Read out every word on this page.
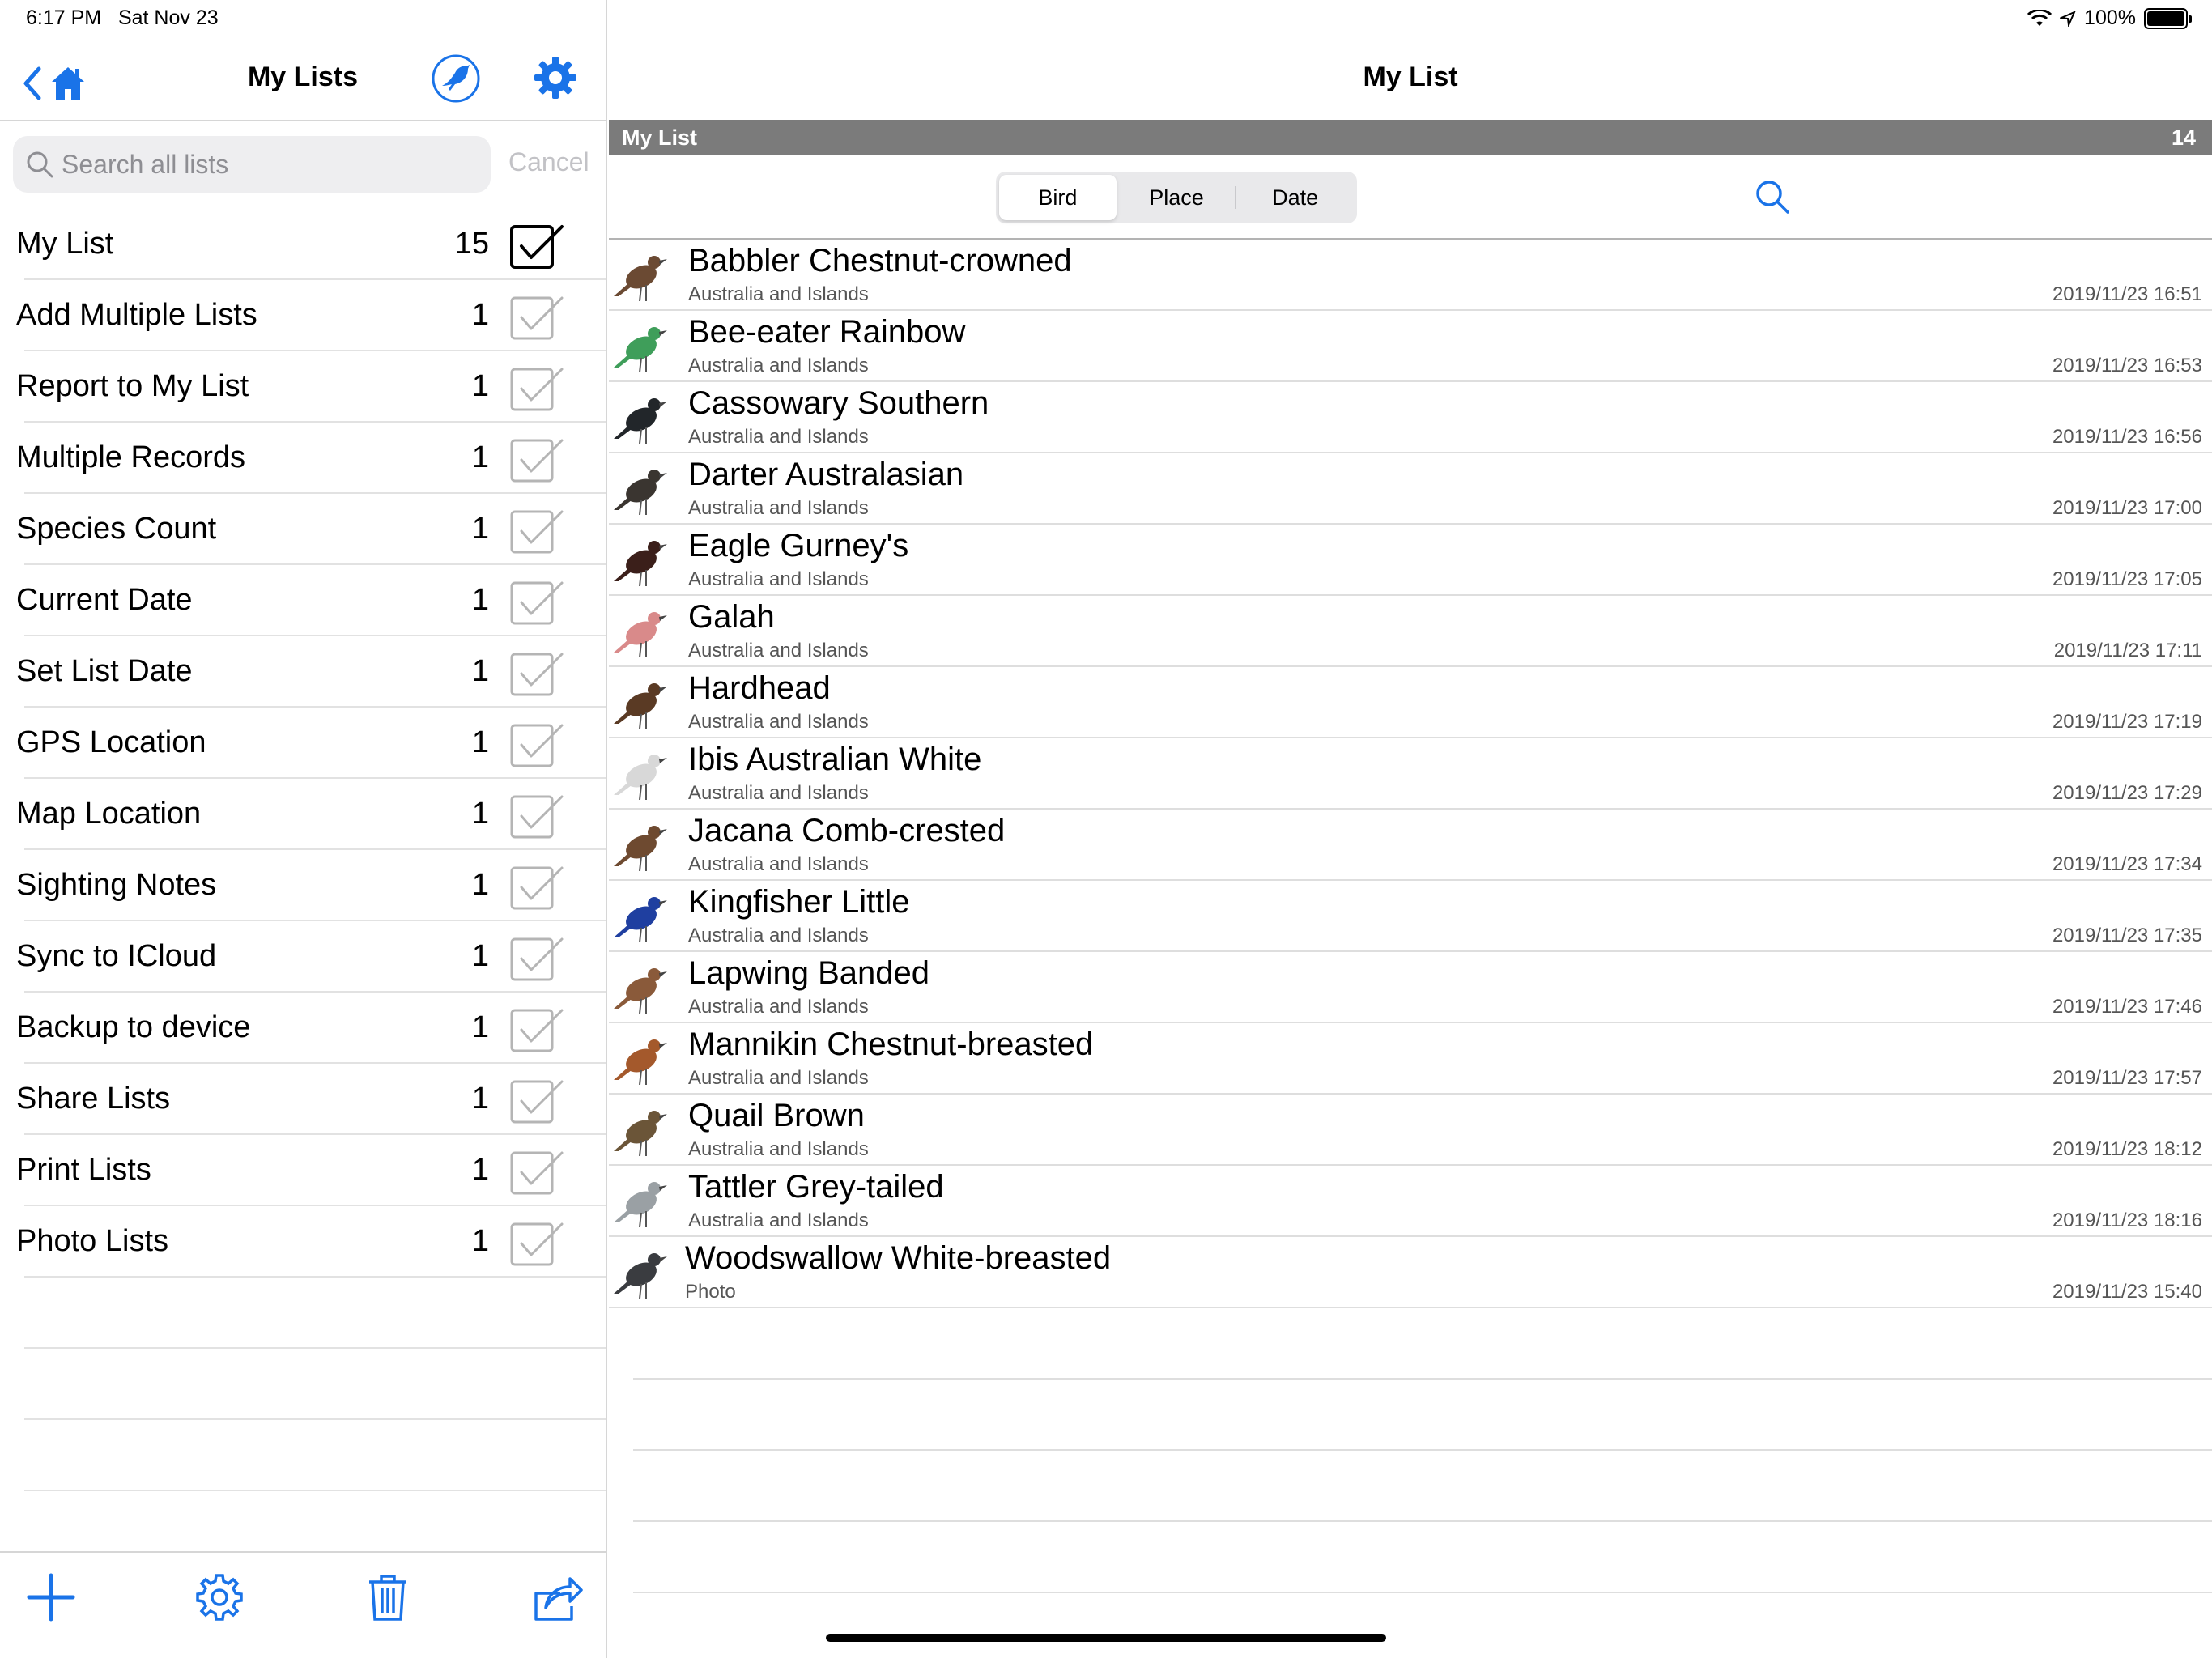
6:17 PM Sat Nov 23	100%
My Lists
Search all lists
Cancel
My List	15
Add Multiple Lists	1
Report to My List	1
Multiple Records	1
Species Count	1
Current Date	1
Set List Date	1
GPS Location	1
Map Location	1
Sighting Notes	1
Sync to ICloud	1
Backup to device	1
Share Lists	1
Print Lists	1
Photo Lists	1
My List
My List	14
Bird	Place	Date
Babbler Chestnut-crowned
Australia and Islands	2019/11/23 16:51
Bee-eater Rainbow
Australia and Islands	2019/11/23 16:53
Cassowary Southern
Australia and Islands	2019/11/23 16:56
Darter Australasian
Australia and Islands	2019/11/23 17:00
Eagle Gurney's
Australia and Islands	2019/11/23 17:05
Galah
Australia and Islands	2019/11/23 17:11
Hardhead
Australia and Islands	2019/11/23 17:19
Ibis Australian White
Australia and Islands	2019/11/23 17:29
Jacana Comb-crested
Australia and Islands	2019/11/23 17:34
Kingfisher Little
Australia and Islands	2019/11/23 17:35
Lapwing Banded
Australia and Islands	2019/11/23 17:46
Mannikin Chestnut-breasted
Australia and Islands	2019/11/23 17:57
Quail Brown
Australia and Islands	2019/11/23 18:12
Tattler Grey-tailed
Australia and Islands	2019/11/23 18:16
Woodswallow White-breasted
Photo	2019/11/23 15:40
